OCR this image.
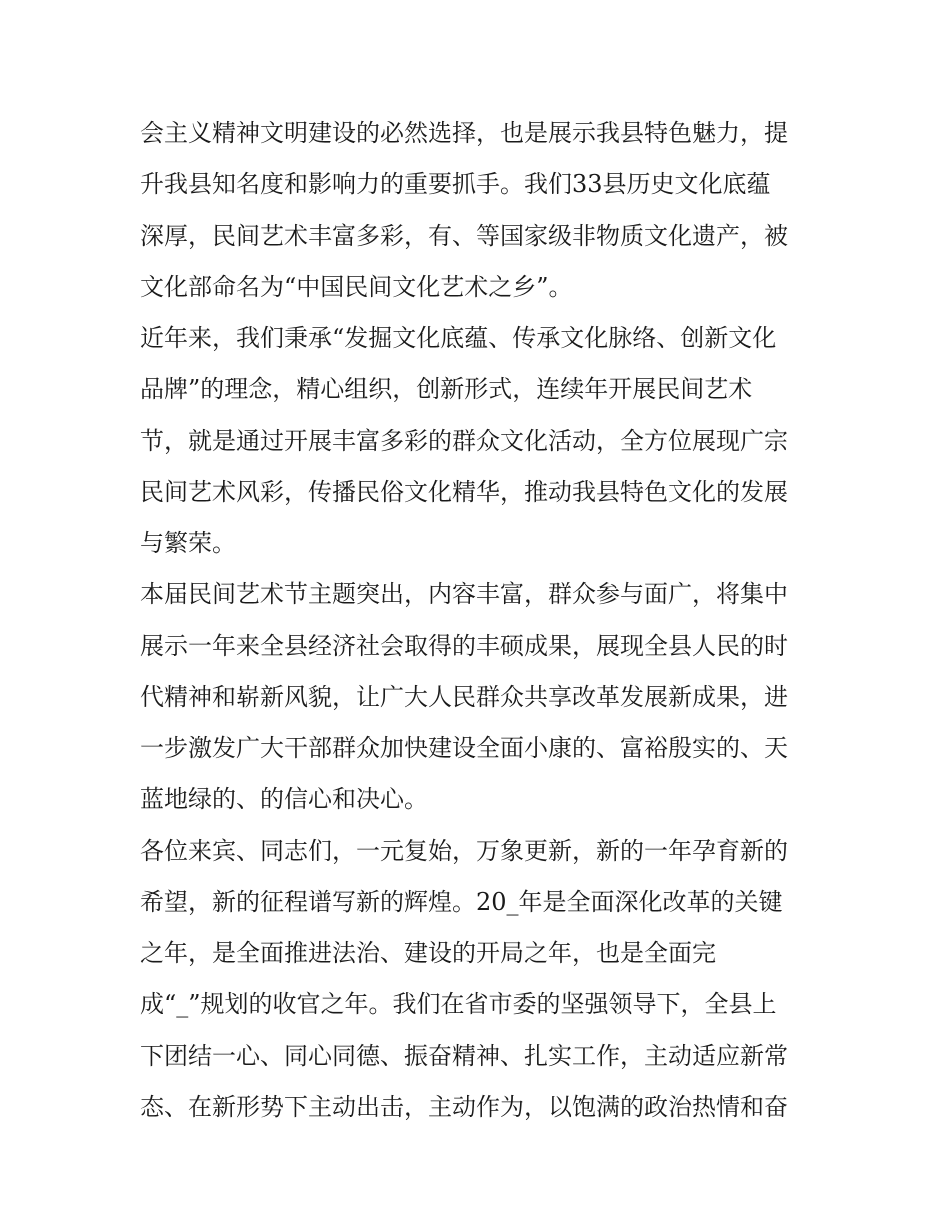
会主义精神文明建设的必然选择，也是展示我县特色魅力，提
升我县知名度和影响力的重要抓手。我们33县历史文化底蕴
深厚，民间艺术丰富多彩，有、等国家级非物质文化遗产，被
文化部命名为“中国民间文化艺术之乡”。
近年来，我们秉承“发掘文化底蕴、传承文化脉络、创新文化
品牌”的理念，精心组织，创新形式，连续年开展民间艺术
节，就是通过开展丰富多彩的群众文化活动，全方位展现广宗
民间艺术风彩，传播民俗文化精华，推动我县特色文化的发展
与繁荣。
本届民间艺术节主题突出，内容丰富，群众参与面广，将集中
展示一年来全县经济社会取得的丰硕成果，展现全县人民的时
代精神和崭新风貌，让广大人民群众共享改革发展新成果，进
一步激发广大干部群众加快建设全面小康的、富裕殷实的、天
蓝地绿的、的信心和决心。
各位来宾、同志们，一元复始，万象更新，新的一年孕育新的
希望，新的征程谱写新的辉煌。20_年是全面深化改革的关键
之年，是全面推进法治、建设的开局之年，也是全面完
成“_”规划的收官之年。我们在省市委的坚强领导下，全县上
下团结一心、同心同德、振奋精神、扎实工作，主动适应新常
态、在新形势下主动出击，主动作为，以饱满的政治热情和奋
